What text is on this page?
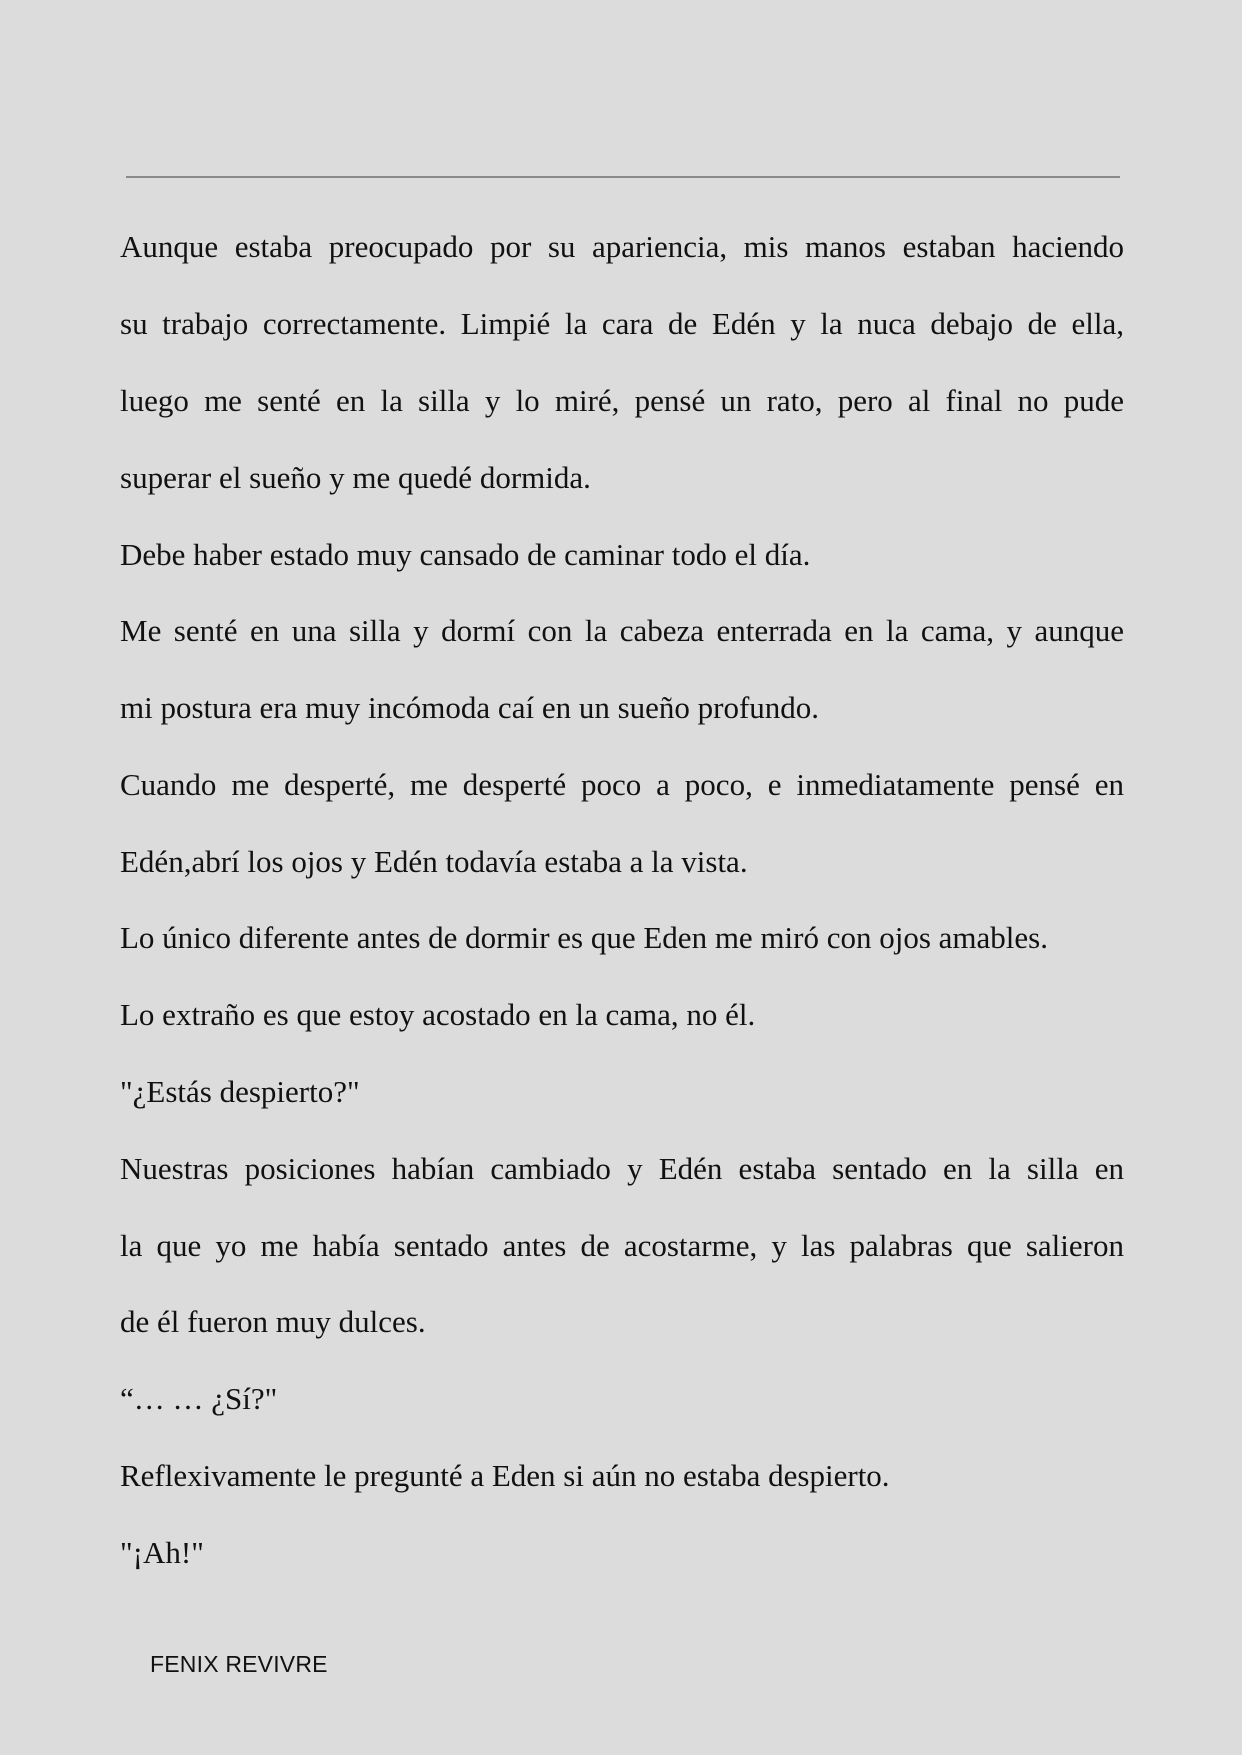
Aunque estaba preocupado por su apariencia, mis manos estaban haciendo
su trabajo correctamente. Limpié la cara de Edén y la nuca debajo de ella,
luego me senté en la silla y lo miré, pensé un rato, pero al final no pude
superar el sueño y me quedé dormida.
Debe haber estado muy cansado de caminar todo el día.
Me senté en una silla y dormí con la cabeza enterrada en la cama, y aunque
mi postura era muy incómoda caí en un sueño profundo.
Cuando me desperté, me desperté poco a poco, e inmediatamente pensé en
Edén,abrí los ojos y Edén todavía estaba a la vista.
Lo único diferente antes de dormir es que Eden me miró con ojos amables.
Lo extraño es que estoy acostado en la cama, no él.
"¿Estás despierto?"
Nuestras posiciones habían cambiado y Edén estaba sentado en la silla en
la que yo me había sentado antes de acostarme, y las palabras que salieron
de él fueron muy dulces.
“… … ¿Sí?"
Reflexivamente le pregunté a Eden si aún no estaba despierto.
"¡Ah!"
FENIX REVIVRE
